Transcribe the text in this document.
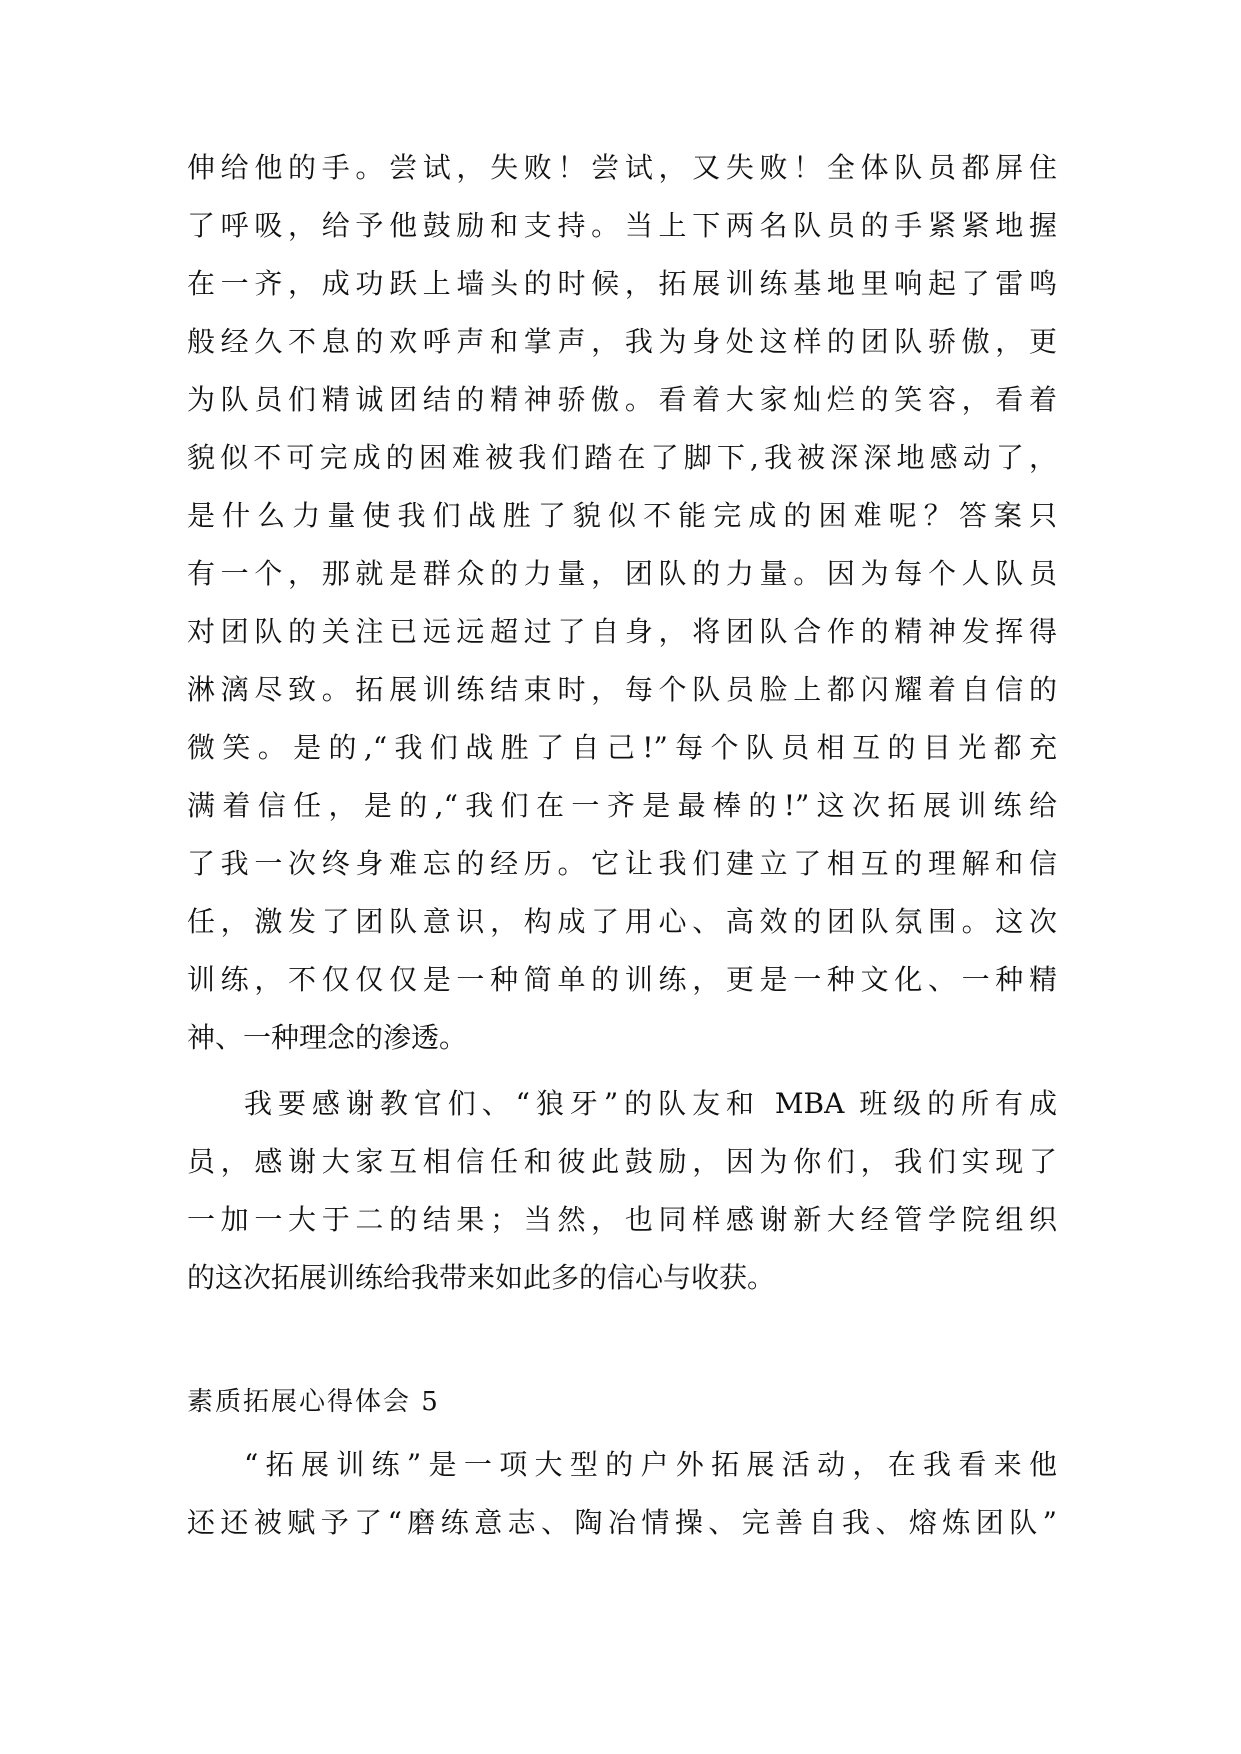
伸给他的手。尝试，失败！尝试，又失败！全体队员都屏住
了呼吸，给予他鼓励和支持。当上下两名队员的手紧紧地握
在一齐，成功跃上墙头的时候，拓展训练基地里响起了雷鸣
般经久不息的欢呼声和掌声，我为身处这样的团队骄傲，更
为队员们精诚团结的精神骄傲。看着大家灿烂的笑容，看着
貌似不可完成的困难被我们踏在了脚下,我被深深地感动了，
是什么力量使我们战胜了貌似不能完成的困难呢？答案只
有一个，那就是群众的力量，团队的力量。因为每个人队员
对团队的关注已远远超过了自身，将团队合作的精神发挥得
淋漓尽致。拓展训练结束时，每个队员脸上都闪耀着自信的
微笑。是的,“我们战胜了自己!”每个队员相互的目光都充
满着信任，是的,“我们在一齐是最棒的!”这次拓展训练给
了我一次终身难忘的经历。它让我们建立了相互的理解和信
任，激发了团队意识，构成了用心、高效的团队氛围。这次
训练，不仅仅仅是一种简单的训练，更是一种文化、一种精
神、一种理念的渗透。
我要感谢教官们、“狼牙”的队友和 MBA 班级的所有成
员，感谢大家互相信任和彼此鼓励，因为你们，我们实现了
一加一大于二的结果；当然，也同样感谢新大经管学院组织
的这次拓展训练给我带来如此多的信心与收获。
素质拓展心得体会 5
“拓展训练”是一项大型的户外拓展活动，在我看来他
还还被赋予了“磨练意志、陶冶情操、完善自我、熔炼团队”
